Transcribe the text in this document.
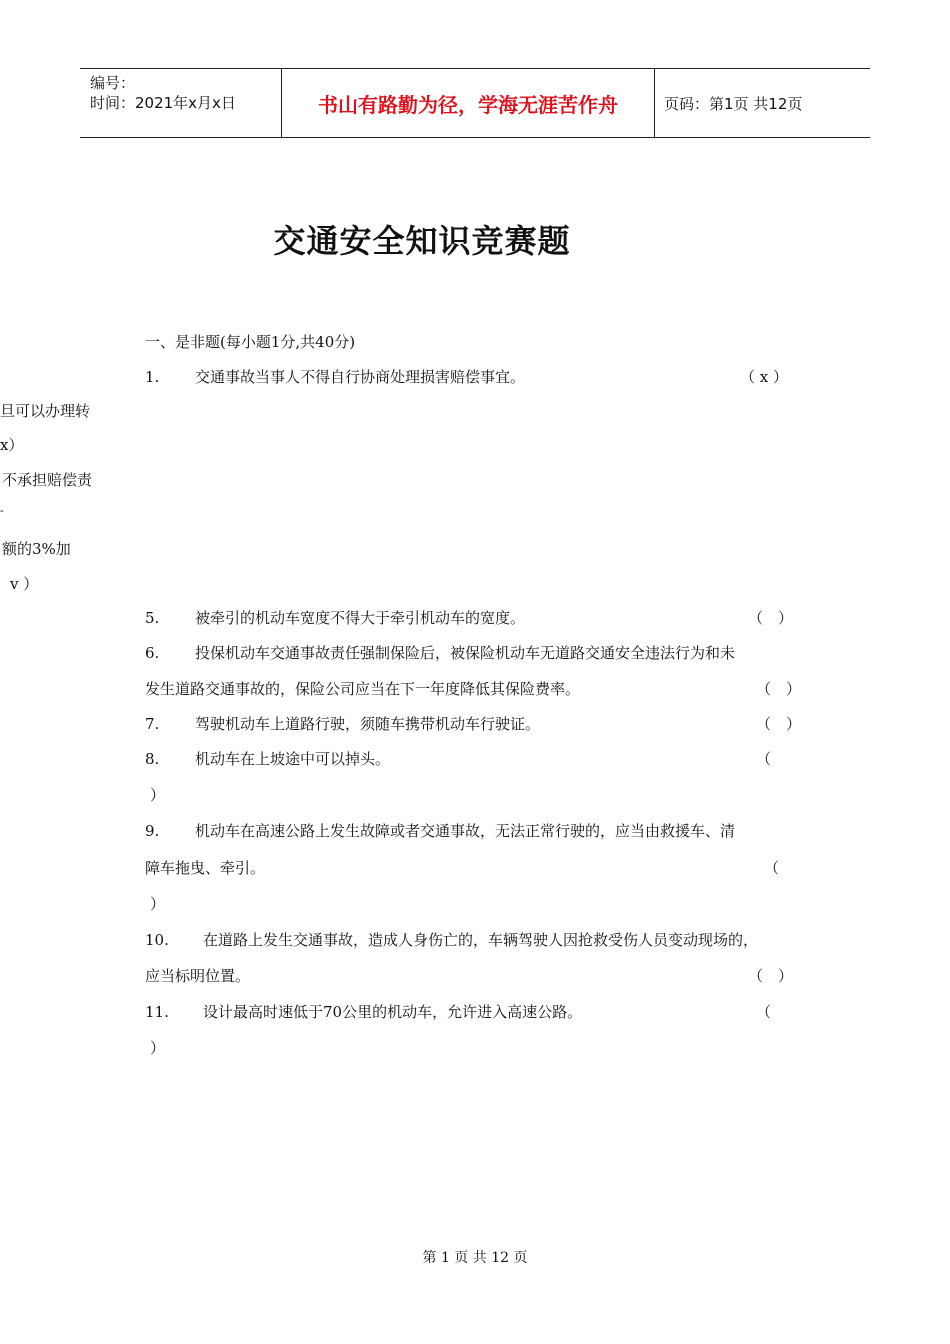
编号：
时间：2021年x月x日	书山有路勤为径，学海无涯苦作舟	页码：第1页 共12页
交通安全知识竞赛题
一、是非题(每小题1分,共40分)
旦可以办理转
x）
不承担赔偿责
-
额的3%加
v ）
1. 交通事故当事人不得自行协商处理损害赔偿事宜。	（ x ）
5. 被牵引的机动车宽度不得大于牵引机动车的宽度。	（　）
6. 投保机动车交通事故责任强制保险后，被保险机动车无道路交通安全违法行为和未
发生道路交通事故的，保险公司应当在下一年度降低其保险费率。	（　）
7. 驾驶机动车上道路行驶，须随车携带机动车行驶证。	（　）
8. 机动车在上坡途中可以掉头。	（
）
9. 机动车在高速公路上发生故障或者交通事故，无法正常行驶的，应当由救援车、清
障车拖曳、牵引。	（
）
10. 在道路上发生交通事故，造成人身伤亡的，车辆驾驶人因抢救受伤人员变动现场的，
应当标明位置。	（　）
11. 设计最高时速低于70公里的机动车，允许进入高速公路。	（
）
第 1 页 共 12 页
